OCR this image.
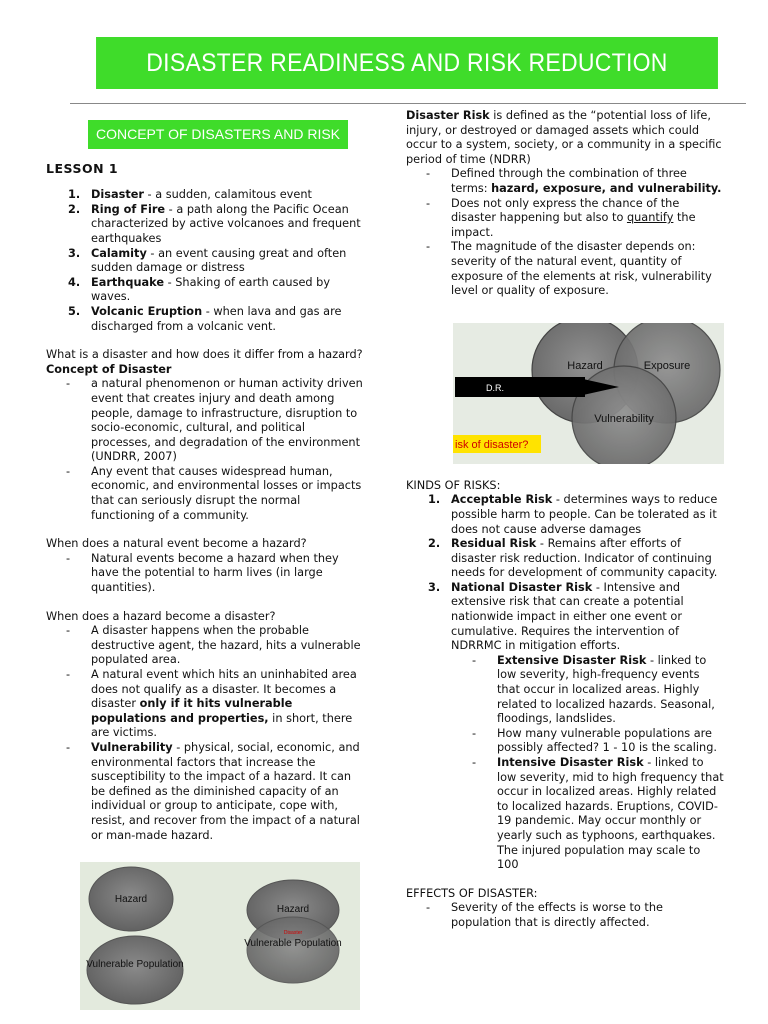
DISASTER READINESS AND RISK REDUCTION
CONCEPT OF DISASTERS AND RISK
LESSON 1
1. Disaster - a sudden, calamitous event
2. Ring of Fire - a path along the Pacific Ocean characterized by active volcanoes and frequent earthquakes
3. Calamity - an event causing great and often sudden damage or distress
4. Earthquake - Shaking of earth caused by waves.
5. Volcanic Eruption - when lava and gas are discharged from a volcanic vent.

What is a disaster and how does it differ from a hazard?

Concept of Disaster

- a natural phenomenon or human activity driven event that creates injury and death among people, damage to infrastructure, disruption to socio-economic, cultural, and political processes, and degradation of the environment (UNDRR, 2007)
- Any event that causes widespread human, economic, and environmental losses or impacts that can seriously disrupt the normal functioning of a community.

When does a natural event become a hazard?

- Natural events become a hazard when they have the potential to harm lives (in large quantities).

When does a hazard become a disaster?

- A disaster happens when the probable destructive agent, the hazard, hits a vulnerable populated area.
- A natural event which hits an uninhabited area does not qualify as a disaster. It becomes a disaster only if it hits vulnerable populations and properties, in short, there are victims.
- Vulnerability - physical, social, economic, and environmental factors that increase the susceptibility to the impact of a hazard. It can be defined as the diminished capacity of an individual or group to anticipate, cope with, resist, and recover from the impact of a natural or man-made hazard.
Hazard
Vulnerable Population
Hazard
Disaster
Vulnerable Population

Disaster Risk is defined as the “potential loss of life, injury, or destroyed or damaged assets which could occur to a system, society, or a community in a specific period of time (NDRR)

- Defined through the combination of three terms: hazard, exposure, and vulnerability.
- Does not only express the chance of the disaster happening but also to quantify the impact.
- The magnitude of the disaster depends on: severity of the natural event, quantity of exposure of the elements at risk, vulnerability level or quality of exposure.

KINDS OF RISKS:

1. Acceptable Risk - determines ways to reduce possible harm to people. Can be tolerated as it does not cause adverse damages
2. Residual Risk - Remains after efforts of disaster risk reduction. Indicator of continuing needs for development of community capacity.
3. National Disaster Risk - Intensive and extensive risk that can create a potential nationwide impact in either one event or cumulative. Requires the intervention of NDRRMC in mitigation efforts.
- Extensive Disaster Risk - linked to low severity, high-frequency events that occur in localized areas. Highly related to localized hazards. Seasonal, floodings, landslides.
- How many vulnerable populations are possibly affected? 1 - 10 is the scaling.
- Intensive Disaster Risk - linked to low severity, mid to high frequency that occur in localized areas. Highly related to localized hazards. Eruptions, COVID-19 pandemic. May occur monthly or yearly such as typhoons, earthquakes. The injured population may scale to 100

EFFECTS OF DISASTER:

- Severity of the effects is worse to the population that is directly affected.
Hazard	Exposure
Vulnerability
D.R.
isk of disaster?
